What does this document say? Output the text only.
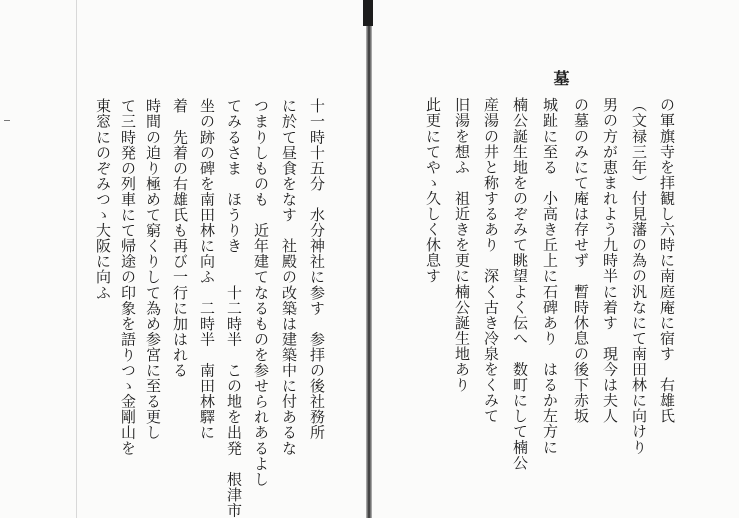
墓
の軍旗寺を拝観し六時に南庭庵に宿す　右雄氏
（文禄三年）付見藩の為の汎なにて南田林に向けり
男の方が恵まれよう九時半に着す　現今は夫人
の墓のみにて庵は存せず　暫時休息の後下赤坂
城趾に至る　小高き丘上に石碑あり　はるか左方に
楠公誕生地をのぞみて眺望よく伝へ　数町にして楠公
産湯の井と称するあり　深く古き冷泉をくみて
旧湯を想ふ　祖近きを更に楠公誕生地あり
此更にてやゝ久しく休息す
十一時十五分　水分神社に参す　参拝の後社務所
に於て昼食をなす　社殿の改築は建築中に付あるな
つまりしものも　近年建てなるものを参せられあるよし
てみるさま　ほうりき　　十二時半　この地を出発　根津市
坐の跡の碑を南田林に向ふ　二時半　南田林驛に
着　先着の右雄氏も再び一行に加はれる
時間の迫り極めて窮くりして為め参宮に至る更し
て三時発の列車にて帰途の印象を語りつゝ金剛山を
東窓にのぞみつゝ大阪に向ふ
